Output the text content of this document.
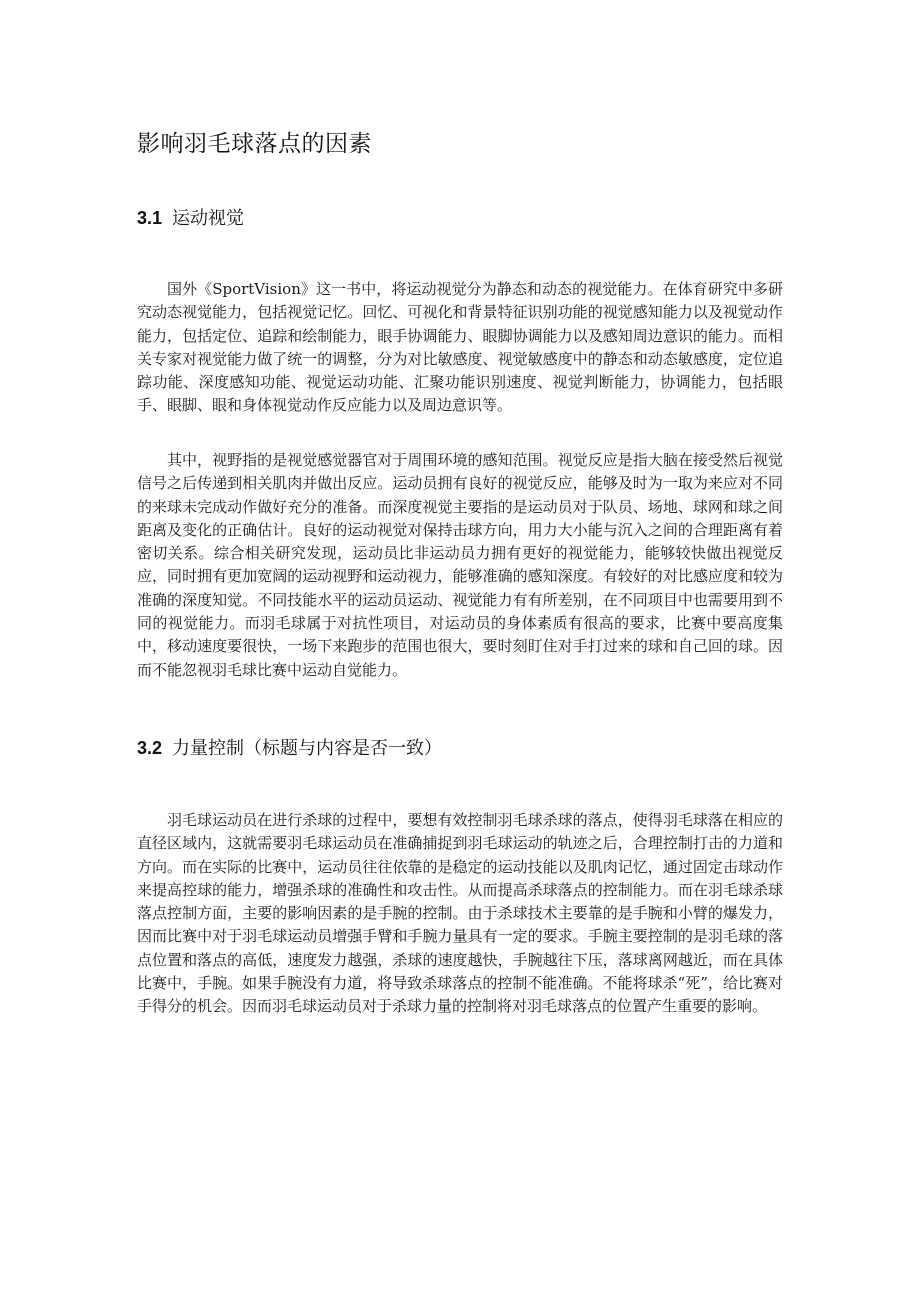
影响羽毛球落点的因素
3.1 运动视觉

国外《SportVision》这一书中，将运动视觉分为静态和动态的视觉能力。在体育研究中多研究动态视觉能力，包括视觉记忆。回忆、可视化和背景特征识别功能的视觉感知能力以及视觉动作能力，包括定位、追踪和绘制能力，眼手协调能力、眼脚协调能力以及感知周边意识的能力。而相关专家对视觉能力做了统一的调整，分为对比敏感度、视觉敏感度中的静态和动态敏感度，定位追踪功能、深度感知功能、视觉运动功能、汇聚功能识别速度、视觉判断能力，协调能力，包括眼手、眼脚、眼和身体视觉动作反应能力以及周边意识等。

其中，视野指的是视觉感觉器官对于周围环境的感知范围。视觉反应是指大脑在接受然后视觉信号之后传递到相关肌肉并做出反应。运动员拥有良好的视觉反应，能够及时为一取为来应对不同的来球未完成动作做好充分的准备。而深度视觉主要指的是运动员对于队员、场地、球网和球之间距离及变化的正确估计。良好的运动视觉对保持击球方向，用力大小能与沉入之间的合理距离有着密切关系。综合相关研究发现，运动员比非运动员力拥有更好的视觉能力，能够较快做出视觉反应，同时拥有更加宽阔的运动视野和运动视力，能够准确的感知深度。有较好的对比感应度和较为准确的深度知觉。不同技能水平的运动员运动、视觉能力有有所差别，在不同项目中也需要用到不同的视觉能力。而羽毛球属于对抗性项目，对运动员的身体素质有很高的要求，比赛中要高度集中，移动速度要很快，一场下来跑步的范围也很大，要时刻盯住对手打过来的球和自己回的球。因而不能忽视羽毛球比赛中运动自觉能力。

3.2 力量控制（标题与内容是否一致）

羽毛球运动员在进行杀球的过程中，要想有效控制羽毛球杀球的落点，使得羽毛球落在相应的直径区域内，这就需要羽毛球运动员在准确捕捉到羽毛球运动的轨迹之后，合理控制打击的力道和方向。而在实际的比赛中，运动员往往依靠的是稳定的运动技能以及肌肉记忆，通过固定击球动作来提高控球的能力，增强杀球的准确性和攻击性。从而提高杀球落点的控制能力。而在羽毛球杀球落点控制方面，主要的影响因素的是手腕的控制。由于杀球技术主要靠的是手腕和小臂的爆发力，因而比赛中对于羽毛球运动员增强手臂和手腕力量具有一定的要求。手腕主要控制的是羽毛球的落点位置和落点的高低，速度发力越强，杀球的速度越快，手腕越往下压，落球离网越近，而在具体比赛中，手腕。如果手腕没有力道，将导致杀球落点的控制不能准确。不能将球杀“死”，给比赛对手得分的机会。因而羽毛球运动员对于杀球力量的控制将对羽毛球落点的位置产生重要的影响。
